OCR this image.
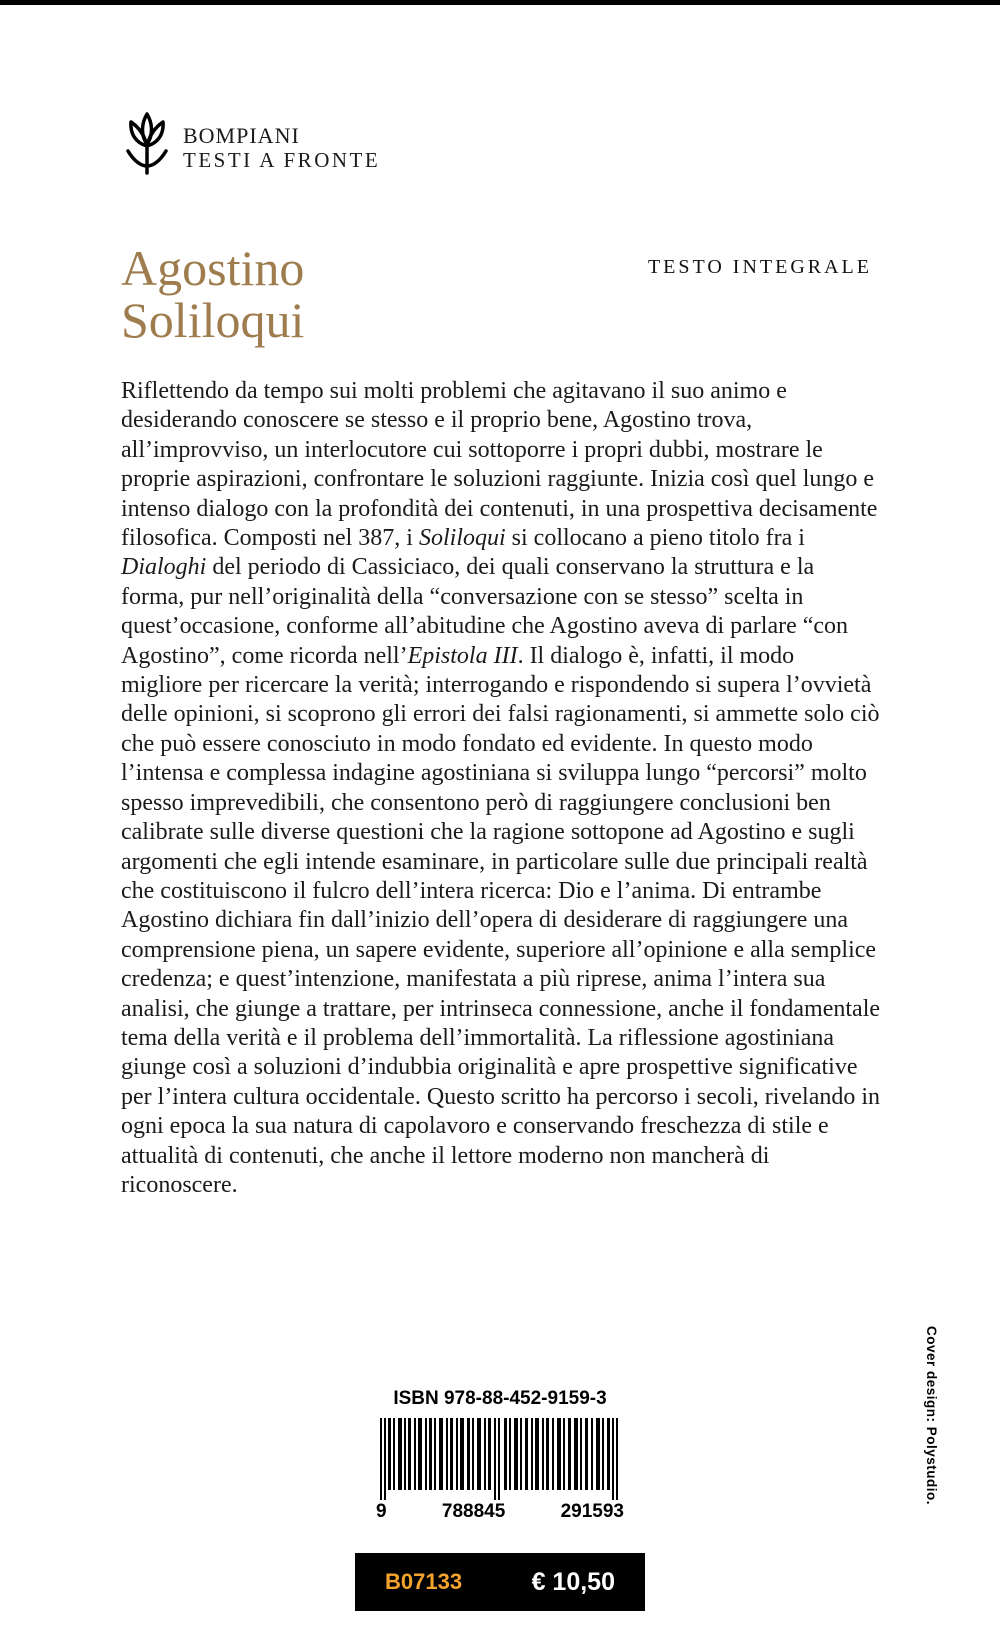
BOMPIANI
TESTI A FRONTE
Agostino
Soliloqui
TESTO INTEGRALE
Riflettendo da tempo sui molti problemi che agitavano il suo animo e desiderando conoscere se stesso e il proprio bene, Agostino trova, all’improvviso, un interlocutore cui sottoporre i propri dubbi, mostrare le proprie aspirazioni, confrontare le soluzioni raggiunte. Inizia così quel lungo e intenso dialogo con la profondità dei contenuti, in una prospettiva decisamente filosofica. Composti nel 387, i Soliloqui si collocano a pieno titolo fra i Dialoghi del periodo di Cassiciaco, dei quali conservano la struttura e la forma, pur nell’originalità della “conversazione con se stesso” scelta in quest’occasione, conforme all’abitudine che Agostino aveva di parlare “con Agostino”, come ricorda nell’Epistola III. Il dialogo è, infatti, il modo migliore per ricercare la verità; interrogando e rispondendo si supera l’ovvietà delle opinioni, si scoprono gli errori dei falsi ragionamenti, si ammette solo ciò che può essere conosciuto in modo fondato ed evidente. In questo modo l’intensa e complessa indagine agostiniana si sviluppa lungo “percorsi” molto spesso imprevedibili, che consentono però di raggiungere conclusioni ben calibrate sulle diverse questioni che la ragione sottopone ad Agostino e sugli argomenti che egli intende esaminare, in particolare sulle due principali realtà che costituiscono il fulcro dell’intera ricerca: Dio e l’anima. Di entrambe Agostino dichiara fin dall’inizio dell’opera di desiderare di raggiungere una comprensione piena, un sapere evidente, superiore all’opinione e alla semplice credenza; e quest’intenzione, manifestata a più riprese, anima l’intera sua analisi, che giunge a trattare, per intrinseca connessione, anche il fondamentale tema della verità e il problema dell’immortalità. La riflessione agostiniana giunge così a soluzioni d’indubbia originalità e apre prospettive significative per l’intera cultura occidentale. Questo scritto ha percorso i secoli, rivelando in ogni epoca la sua natura di capolavoro e conservando freschezza di stile e attualità di contenuti, che anche il lettore moderno non mancherà di riconoscere.
ISBN 978-88-452-9159-3
9	788845	291593
B07133	€ 10,50
Cover design: Polystudio.
